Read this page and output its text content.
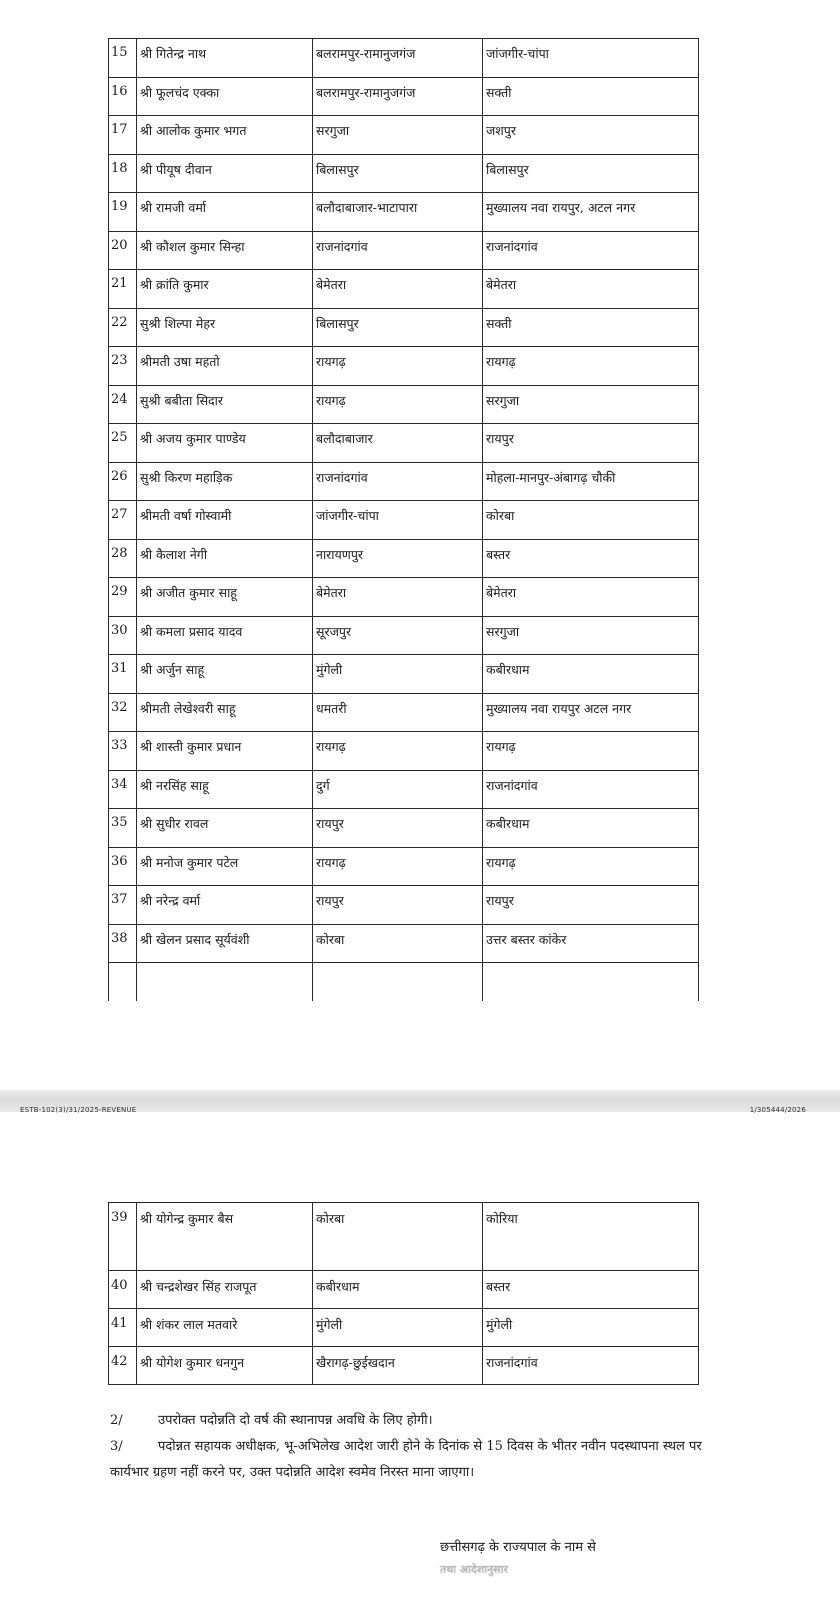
15	श्री गितेन्द्र नाथ	बलरामपुर-रामानुजगंज	जांजगीर-चांपा
16	श्री फूलचंद एक्का	बलरामपुर-रामानुजगंज	सक्ती
17	श्री आलोक कुमार भगत	सरगुजा	जशपुर
18	श्री पीयूष दीवान	बिलासपुर	बिलासपुर
19	श्री रामजी वर्मा	बलौदाबाजार-भाटापारा	मुख्यालय नवा रायपुर, अटल नगर
20	श्री कौशल कुमार सिन्हा	राजनांदगांव	राजनांदगांव
21	श्री क्रांति कुमार	बेमेतरा	बेमेतरा
22	सुश्री शिल्पा मेहर	बिलासपुर	सक्ती
23	श्रीमती उषा महतो	रायगढ़	रायगढ़
24	सुश्री बबीता सिदार	रायगढ़	सरगुजा
25	श्री अजय कुमार पाण्डेय	बलौदाबाजार	रायपुर
26	सुश्री किरण महाड़िक	राजनांदगांव	मोहला-मानपुर-अंबागढ़ चौकी
27	श्रीमती वर्षा गोस्वामी	जांजगीर-चांपा	कोरबा
28	श्री कैलाश नेगी	नारायणपुर	बस्तर
29	श्री अजीत कुमार साहू	बेमेतरा	बेमेतरा
30	श्री कमला प्रसाद यादव	सूरजपुर	सरगुजा
31	श्री अर्जुन साहू	मुंगेली	कबीरधाम
32	श्रीमती लेखेश्वरी साहू	धमतरी	मुख्यालय नवा रायपुर अटल नगर
33	श्री शास्ती कुमार प्रधान	रायगढ़	रायगढ़
34	श्री नरसिंह साहू	दुर्ग	राजनांदगांव
35	श्री सुधीर रावल	रायपुर	कबीरधाम
36	श्री मनोज कुमार पटेल	रायगढ़	रायगढ़
37	श्री नरेन्द्र वर्मा	रायपुर	रायपुर
38	श्री खेलन प्रसाद सूर्यवंशी	कोरबा	उत्तर बस्तर कांकेर

ESTB-102(3)/31/2025-REVENUE	1/305444/2026
39	श्री योगेन्द्र कुमार बैस	कोरबा	कोरिया
40	श्री चन्द्रशेखर सिंह राजपूत	कबीरधाम	बस्तर
41	श्री शंकर लाल मतवारे	मुंगेली	मुंगेली
42	श्री योगेश कुमार धनगुन	खैरागढ़-छुईखदान	राजनांदगांव
2/	उपरोक्त पदोन्नति दो वर्ष की स्थानापन्न अवधि के लिए होगी।
3/	पदोन्नत सहायक अधीक्षक, भू-अभिलेख आदेश जारी होने के दिनांक से 15 दिवस के भीतर नवीन पदस्थापना स्थल पर कार्यभार ग्रहण नहीं करने पर, उक्त पदोन्नति आदेश स्वमेव निरस्त माना जाएगा।
छत्तीसगढ़ के राज्यपाल के नाम से
तथा आदेशानुसार
